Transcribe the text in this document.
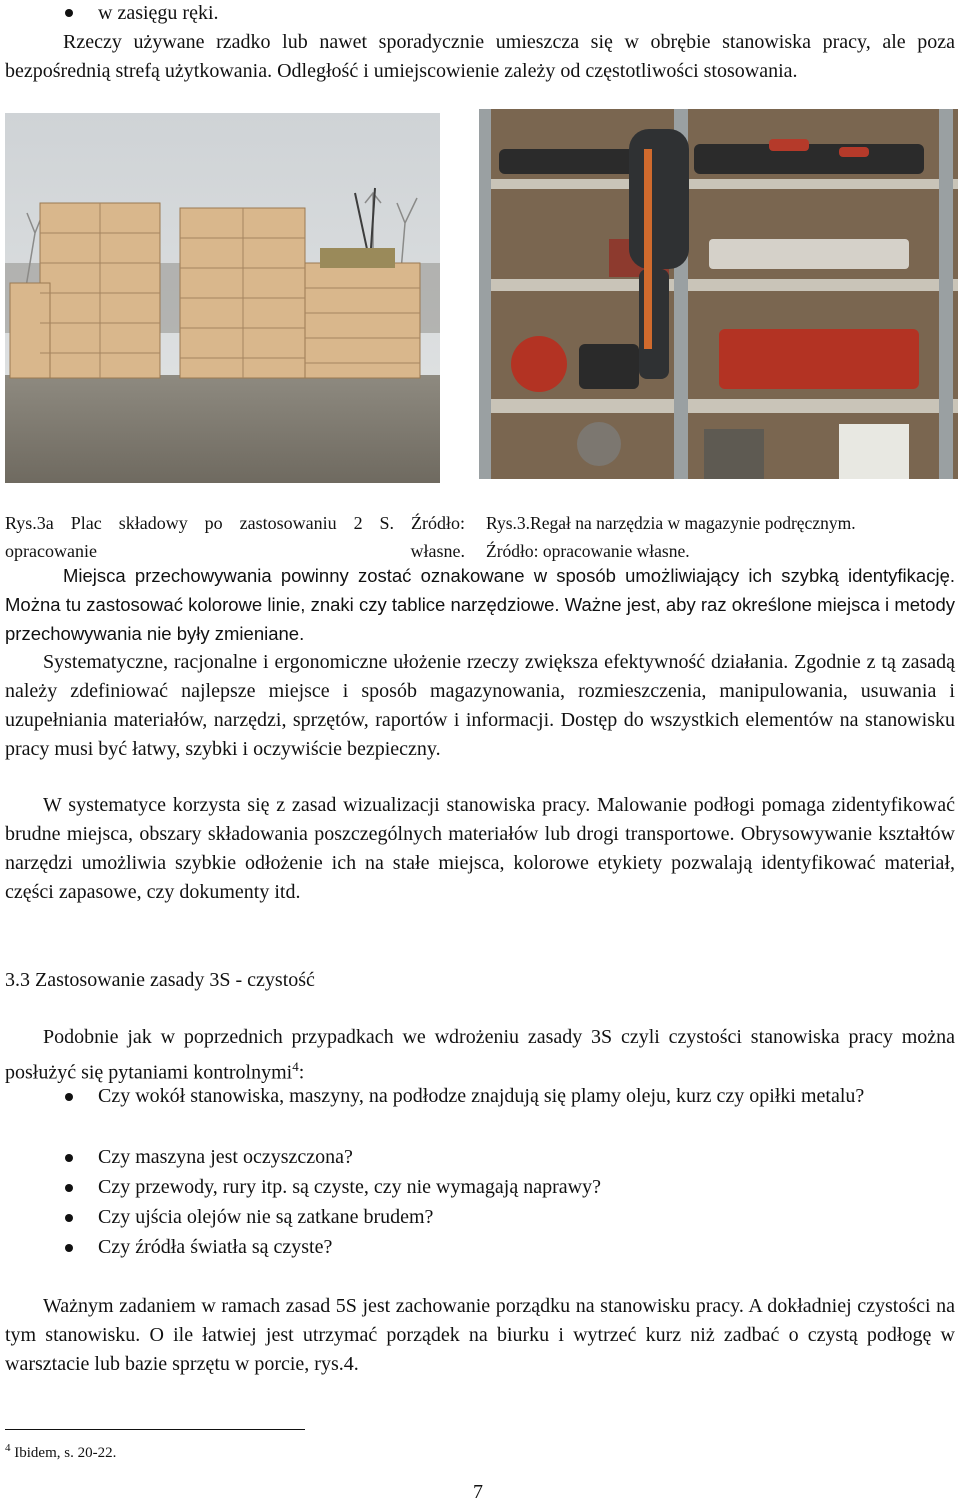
w zasięgu ręki.
Rzeczy używane rzadko lub nawet sporadycznie umieszcza się w obrębie stanowiska pracy, ale poza bezpośrednią strefą użytkowania. Odległość i umiejscowienie zależy od częstotliwości stosowania.
Rys.3a Plac składowy po zastosowaniu 2 S. Źródło: opracowanie własne.
Rys.3.Regał na narzędzia w magazynie podręcznym.
Źródło: opracowanie własne.
Miejsca przechowywania powinny zostać oznakowane w sposób umożliwiający ich szybką identyfikację. Można tu zastosować kolorowe linie, znaki czy tablice narzędziowe. Ważne jest, aby raz określone miejsca i metody przechowywania nie były zmieniane.
Systematyczne, racjonalne i ergonomiczne ułożenie rzeczy zwiększa efektywność działania. Zgodnie z tą zasadą należy zdefiniować najlepsze miejsce i sposób magazynowania, rozmieszczenia, manipulowania, usuwania i uzupełniania materiałów, narzędzi, sprzętów, raportów i informacji. Dostęp do wszystkich elementów na stanowisku pracy musi być łatwy, szybki i oczywiście bezpieczny.
W systematyce korzysta się z zasad wizualizacji stanowiska pracy. Malowanie podłogi pomaga zidentyfikować brudne miejsca, obszary składowania poszczególnych materiałów lub drogi transportowe. Obrysowywanie kształtów narzędzi umożliwia szybkie odłożenie ich na stałe miejsca, kolorowe etykiety pozwalają identyfikować materiał, części zapasowe, czy dokumenty itd.
3.3 Zastosowanie zasady 3S - czystość
Podobnie jak w poprzednich przypadkach we wdrożeniu zasady 3S czyli czystości stanowiska pracy można posłużyć się pytaniami kontrolnymi$^4$:
Czy wokół stanowiska, maszyny, na podłodze znajdują się plamy oleju, kurz czy opiłki metalu?
Czy maszyna jest oczyszczona?
Czy przewody, rury itp. są czyste, czy nie wymagają naprawy?
Czy ujścia olejów nie są zatkane brudem?
Czy źródła światła są czyste?
Ważnym zadaniem w ramach zasad 5S jest zachowanie porządku na stanowisku pracy. A dokładniej czystości na tym stanowisku. O ile łatwiej jest utrzymać porządek na biurku i wytrzeć kurz niż zadbać o czystą podłogę w warsztacie lub bazie sprzętu w porcie, rys.4.
$^4$ Ibidem, s. 20-22.
7
